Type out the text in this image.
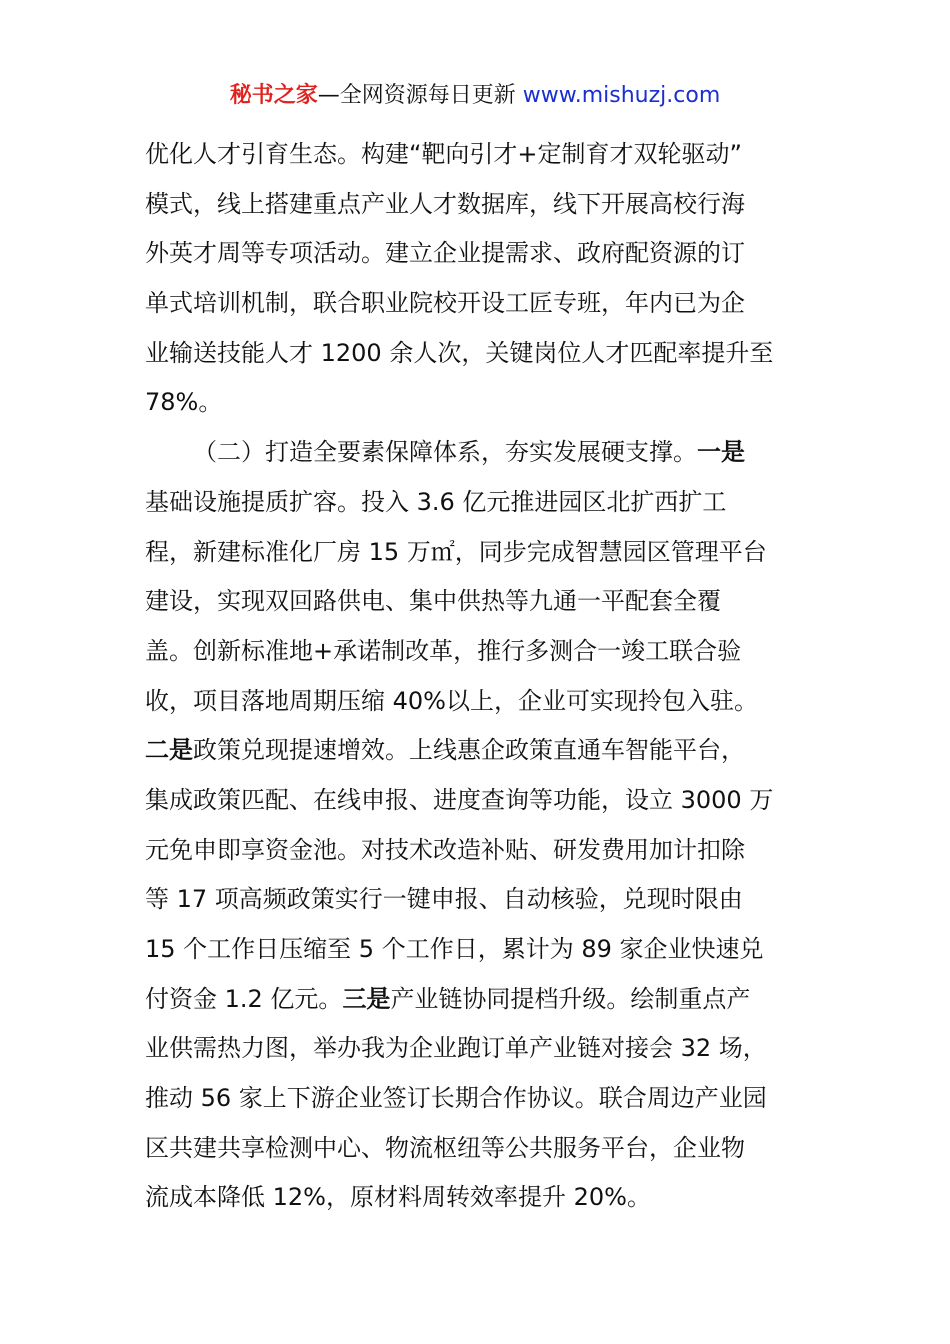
秘书之家—全网资源每日更新 www.mishuzj.com
优化人才引育生态。构建“靶向引才+定制育才双轮驱动”
模式，线上搭建重点产业人才数据库，线下开展高校行海
外英才周等专项活动。建立企业提需求、政府配资源的订
单式培训机制，联合职业院校开设工匠专班，年内已为企
业输送技能人才 1200 余人次，关键岗位人才匹配率提升至
78%。
（二）打造全要素保障体系，夯实发展硬支撑。一是
基础设施提质扩容。投入 3.6 亿元推进园区北扩西扩工
程，新建标准化厂房 15 万㎡，同步完成智慧园区管理平台
建设，实现双回路供电、集中供热等九通一平配套全覆
盖。创新标准地+承诺制改革，推行多测合一竣工联合验
收，项目落地周期压缩 40%以上，企业可实现拎包入驻。
二是政策兑现提速增效。上线惠企政策直通车智能平台，
集成政策匹配、在线申报、进度查询等功能，设立 3000 万
元免申即享资金池。对技术改造补贴、研发费用加计扣除
等 17 项高频政策实行一键申报、自动核验，兑现时限由
15 个工作日压缩至 5 个工作日，累计为 89 家企业快速兑
付资金 1.2 亿元。三是产业链协同提档升级。绘制重点产
业供需热力图，举办我为企业跑订单产业链对接会 32 场，
推动 56 家上下游企业签订长期合作协议。联合周边产业园
区共建共享检测中心、物流枢纽等公共服务平台，企业物
流成本降低 12%，原材料周转效率提升 20%。
